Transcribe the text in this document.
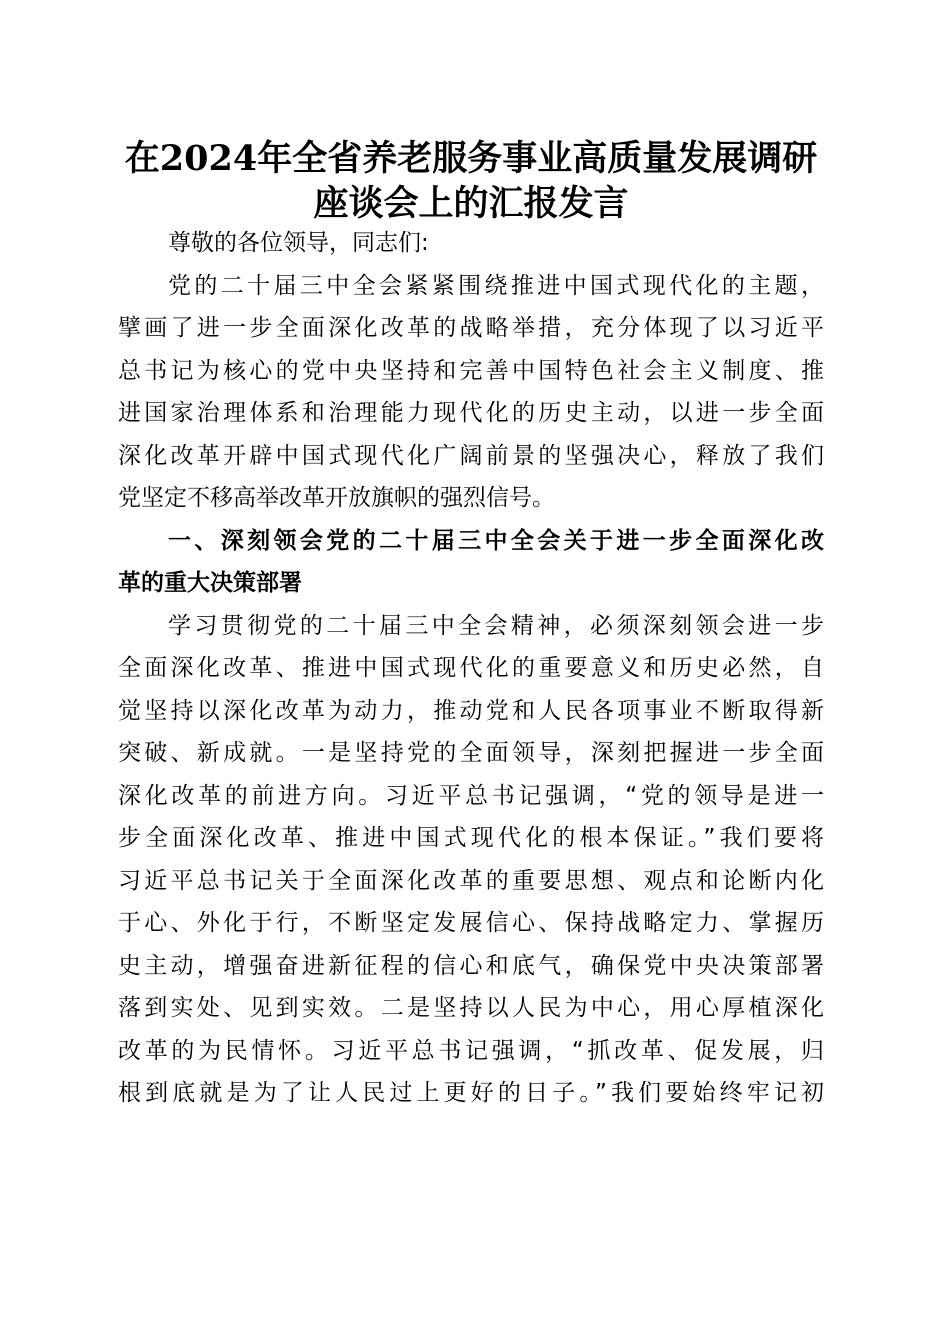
在2024年全省养老服务事业高质量发展调研
座谈会上的汇报发言
尊敬的各位领导，同志们:
党的二十届三中全会紧紧围绕推进中国式现代化的主题，
擘画了进一步全面深化改革的战略举措，充分体现了以习近平
总书记为核心的党中央坚持和完善中国特色社会主义制度、推
进国家治理体系和治理能力现代化的历史主动，以进一步全面
深化改革开辟中国式现代化广阔前景的坚强决心，释放了我们
党坚定不移高举改革开放旗帜的强烈信号。
一、深刻领会党的二十届三中全会关于进一步全面深化改
革的重大决策部署
学习贯彻党的二十届三中全会精神，必须深刻领会进一步
全面深化改革、推进中国式现代化的重要意义和历史必然，自
觉坚持以深化改革为动力，推动党和人民各项事业不断取得新
突破、新成就。一是坚持党的全面领导，深刻把握进一步全面
深化改革的前进方向。习近平总书记强调，“党的领导是进一
步全面深化改革、推进中国式现代化的根本保证。”我们要将
习近平总书记关于全面深化改革的重要思想、观点和论断内化
于心、外化于行，不断坚定发展信心、保持战略定力、掌握历
史主动，增强奋进新征程的信心和底气，确保党中央决策部署
落到实处、见到实效。二是坚持以人民为中心，用心厚植深化
改革的为民情怀。习近平总书记强调，“抓改革、促发展，归
根到底就是为了让人民过上更好的日子。”我们要始终牢记初
